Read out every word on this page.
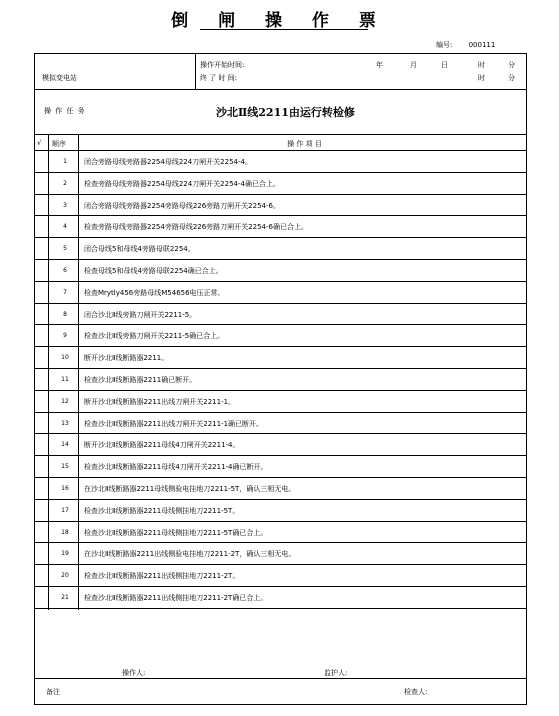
倒 闸 操 作 票
编号: 000111
模拟变电站
操作开始时间:
终 了 时 间:
年	月	日	时	分
时	分
操 作 任 务	沙北Ⅱ线2211由运行转检修
√ 顺序	操 作 项 目
1	闭合旁路母线旁路器2254母线224刀闸开关2254-4。
2	检查旁路母线旁路器2254母线224刀闸开关2254-4确已合上。
3	闭合旁路母线旁路器2254旁路母线226旁路刀闸开关2254-6。
4	检查旁路母线旁路器2254旁路母线226旁路刀闸开关2254-6确已合上。
5	闭合母线5和母线4旁路母联2254。
6	检查母线5和母线4旁路母联2254确已合上。
7	检查Mrytly456旁路母线M54656电压正常。
8	闭合沙北Ⅱ线旁路刀闸开关2211-5。
9	检查沙北Ⅱ线旁路刀闸开关2211-5确已合上。
10	断开沙北Ⅱ线断路器2211。
11	检查沙北Ⅱ线断路器2211确已断开。
12	断开沙北Ⅱ线断路器2211出线刀闸开关2211-1。
13	检查沙北Ⅱ线断路器2211出线刀闸开关2211-1确已断开。
14	断开沙北Ⅱ线断路器2211母线4刀闸开关2211-4。
15	检查沙北Ⅱ线断路器2211母线4刀闸开关2211-4确已断开。
16	在沙北Ⅱ线断路器2211母线侧验电挂地刀2211-5T，确认三相无电。
17	检查沙北Ⅱ线断路器2211母线侧挂地刀2211-5T。
18	检查沙北Ⅱ线断路器2211母线侧挂地刀2211-5T确已合上。
19	在沙北Ⅱ线断路器2211出线侧验电挂地刀2211-2T，确认三相无电。
20	检查沙北Ⅱ线断路器2211出线侧挂地刀2211-2T。
21	检查沙北Ⅱ线断路器2211出线侧挂地刀2211-2T确已合上。
操作人:	监护人:
备注	检查人:
